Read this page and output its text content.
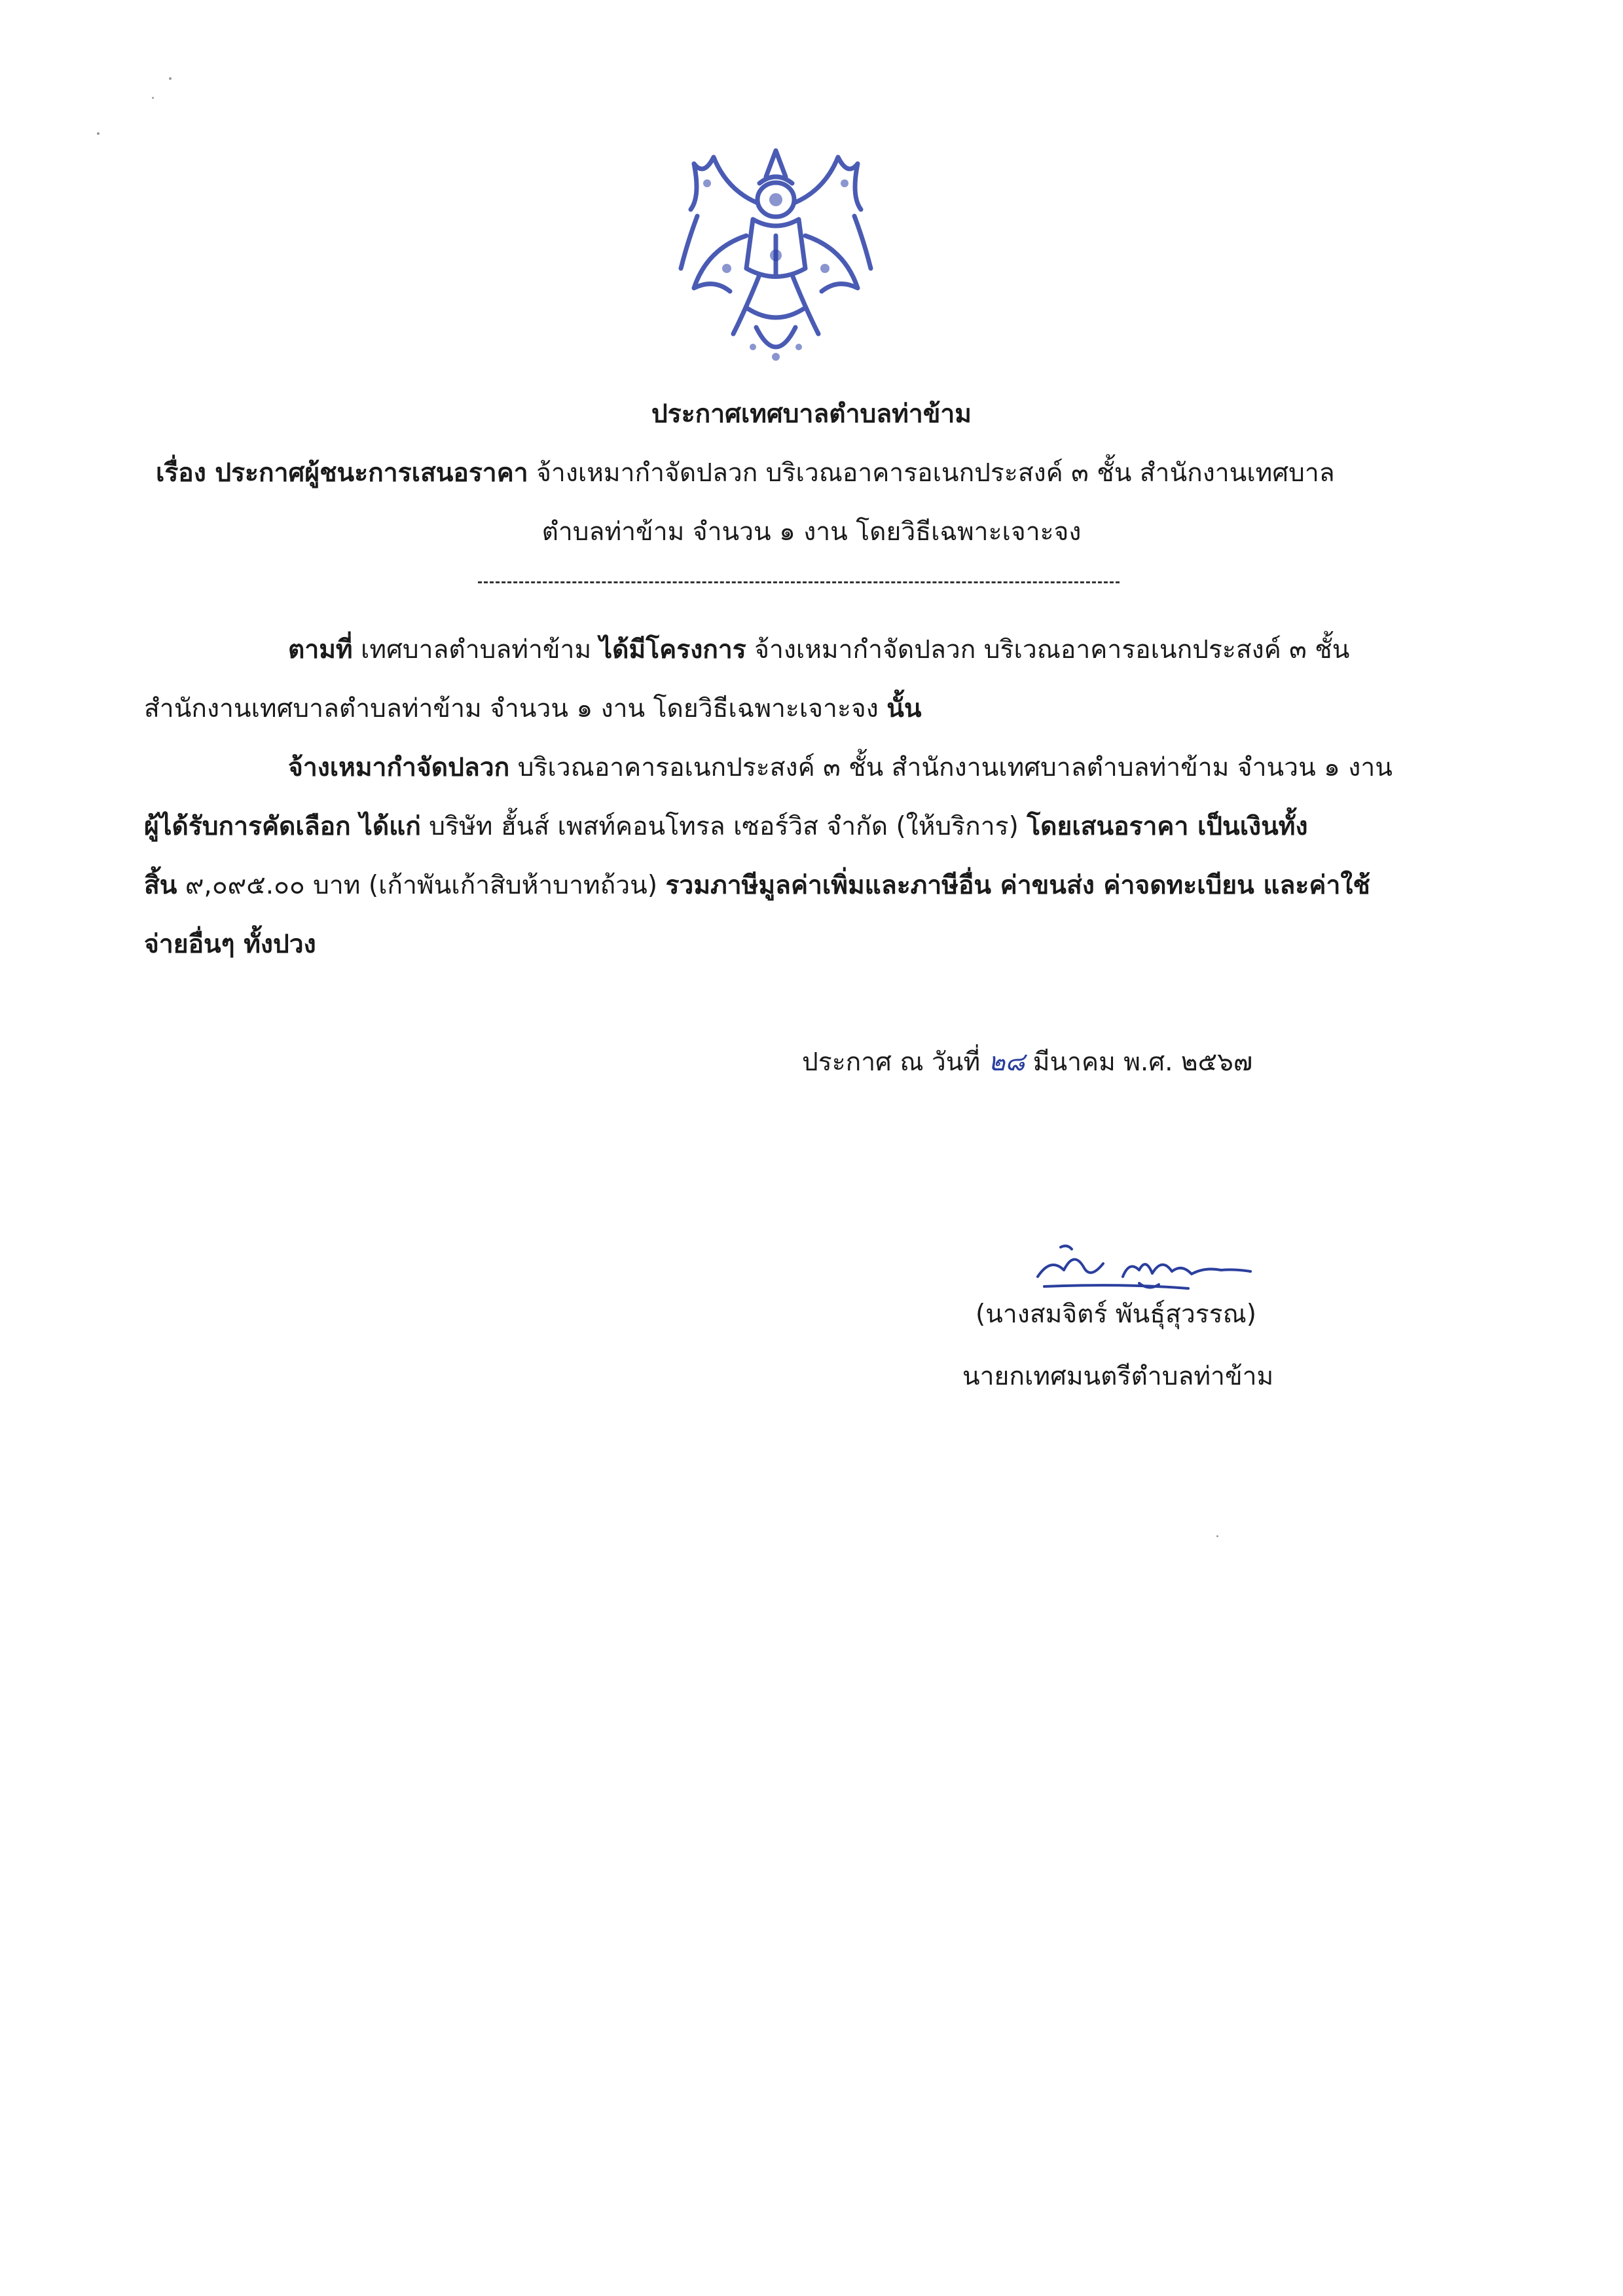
ประกาศเทศบาลตำบลท่าข้าม
เรื่อง ประกาศผู้ชนะการเสนอราคา จ้างเหมากำจัดปลวก บริเวณอาคารอเนกประสงค์ ๓ ชั้น สำนักงานเทศบาล
ตำบลท่าข้าม จำนวน ๑ งาน โดยวิธีเฉพาะเจาะจง
ตามที่ เทศบาลตำบลท่าข้าม ได้มีโครงการ จ้างเหมากำจัดปลวก บริเวณอาคารอเนกประสงค์ ๓ ชั้น
สำนักงานเทศบาลตำบลท่าข้าม จำนวน ๑ งาน โดยวิธีเฉพาะเจาะจง นั้น
จ้างเหมากำจัดปลวก บริเวณอาคารอเนกประสงค์ ๓ ชั้น สำนักงานเทศบาลตำบลท่าข้าม จำนวน ๑ งาน
ผู้ได้รับการคัดเลือก ได้แก่ บริษัท ฮั้นส์ เพสท์คอนโทรล เซอร์วิส จำกัด (ให้บริการ) โดยเสนอราคา เป็นเงินทั้ง
สิ้น ๙,๐๙๕.๐๐ บาท (เก้าพันเก้าสิบห้าบาทถ้วน) รวมภาษีมูลค่าเพิ่มและภาษีอื่น ค่าขนส่ง ค่าจดทะเบียน และค่าใช้
จ่ายอื่นๆ ทั้งปวง
ประกาศ ณ วันที่ ๒๘ มีนาคม พ.ศ. ๒๕๖๗
(นางสมจิตร์ พันธุ์สุวรรณ)
นายกเทศมนตรีตำบลท่าข้าม
